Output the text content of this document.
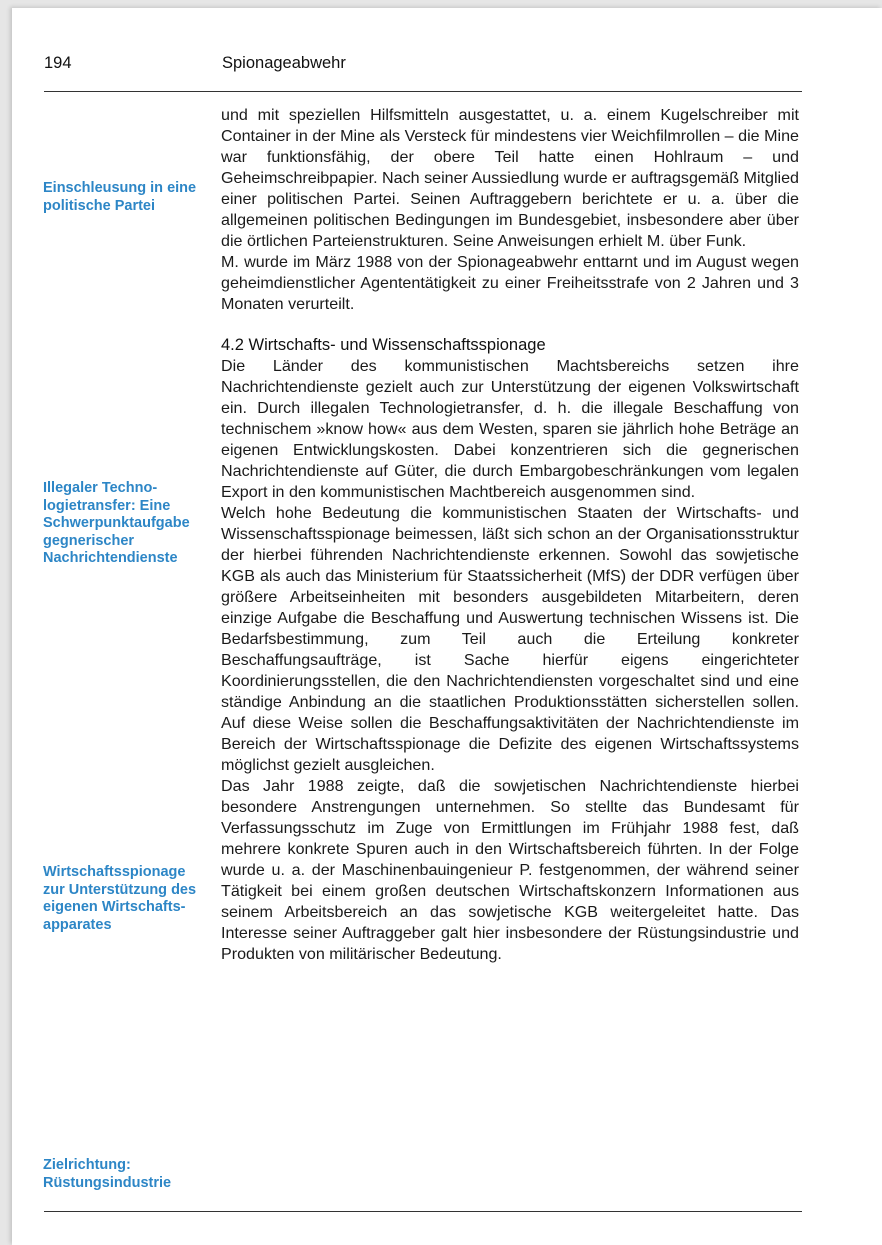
194	Spionageabwehr
Einschleusung in eine politische Partei
Illegaler Technologietransfer: Eine Schwerpunktaufgabe gegnerischer Nachrichtendienste
Wirtschaftsspionage zur Unterstützung des eigenen Wirtschaftsapparates
Zielrichtung: Rüstungsindustrie

und mit speziellen Hilfsmitteln ausgestattet, u. a. einem Kugelschreiber mit Container in der Mine als Versteck für mindestens vier Weichfilmrollen – die Mine war funktionsfähig, der obere Teil hatte einen Hohlraum – und Geheimschreibpapier. Nach seiner Aussiedlung wurde er auftragsgemäß Mitglied einer politischen Partei. Seinen Auftraggebern berichtete er u. a. über die allgemeinen politischen Bedingungen im Bundesgebiet, insbesondere aber über die örtlichen Parteienstrukturen. Seine Anweisungen erhielt M. über Funk.

M. wurde im März 1988 von der Spionageabwehr enttarnt und im August wegen geheimdienstlicher Agententätigkeit zu einer Freiheitsstrafe von 2 Jahren und 3 Monaten verurteilt.

4.2 Wirtschafts- und Wissenschaftsspionage

Die Länder des kommunistischen Machtsbereichs setzen ihre Nachrichtendienste gezielt auch zur Unterstützung der eigenen Volkswirtschaft ein. Durch illegalen Technologietransfer, d. h. die illegale Beschaffung von technischem »know how« aus dem Westen, sparen sie jährlich hohe Beträge an eigenen Entwicklungskosten. Dabei konzentrieren sich die gegnerischen Nachrichtendienste auf Güter, die durch Embargobeschränkungen vom legalen Export in den kommunistischen Machtbereich ausgenommen sind.

Welch hohe Bedeutung die kommunistischen Staaten der Wirtschafts- und Wissenschaftsspionage beimessen, läßt sich schon an der Organisationsstruktur der hierbei führenden Nachrichtendienste erkennen. Sowohl das sowjetische KGB als auch das Ministerium für Staatssicherheit (MfS) der DDR verfügen über größere Arbeitseinheiten mit besonders ausgebildeten Mitarbeitern, deren einzige Aufgabe die Beschaffung und Auswertung technischen Wissens ist. Die Bedarfsbestimmung, zum Teil auch die Erteilung konkreter Beschaffungsaufträge, ist Sache hierfür eigens eingerichteter Koordinierungsstellen, die den Nachrichtendiensten vorgeschaltet sind und eine ständige Anbindung an die staatlichen Produktionsstätten sicherstellen sollen. Auf diese Weise sollen die Beschaffungsaktivitäten der Nachrichtendienste im Bereich der Wirtschaftsspionage die Defizite des eigenen Wirtschaftssystems möglichst gezielt ausgleichen.

Das Jahr 1988 zeigte, daß die sowjetischen Nachrichtendienste hierbei besondere Anstrengungen unternehmen. So stellte das Bundesamt für Verfassungsschutz im Zuge von Ermittlungen im Frühjahr 1988 fest, daß mehrere konkrete Spuren auch in den Wirtschaftsbereich führten. In der Folge wurde u. a. der Maschinenbauingenieur P. festgenommen, der während seiner Tätigkeit bei einem großen deutschen Wirtschaftskonzern Informationen aus seinem Arbeitsbereich an das sowjetische KGB weitergeleitet hatte. Das Interesse seiner Auftraggeber galt hier insbesondere der Rüstungsindustrie und Produkten von militärischer Bedeutung.
